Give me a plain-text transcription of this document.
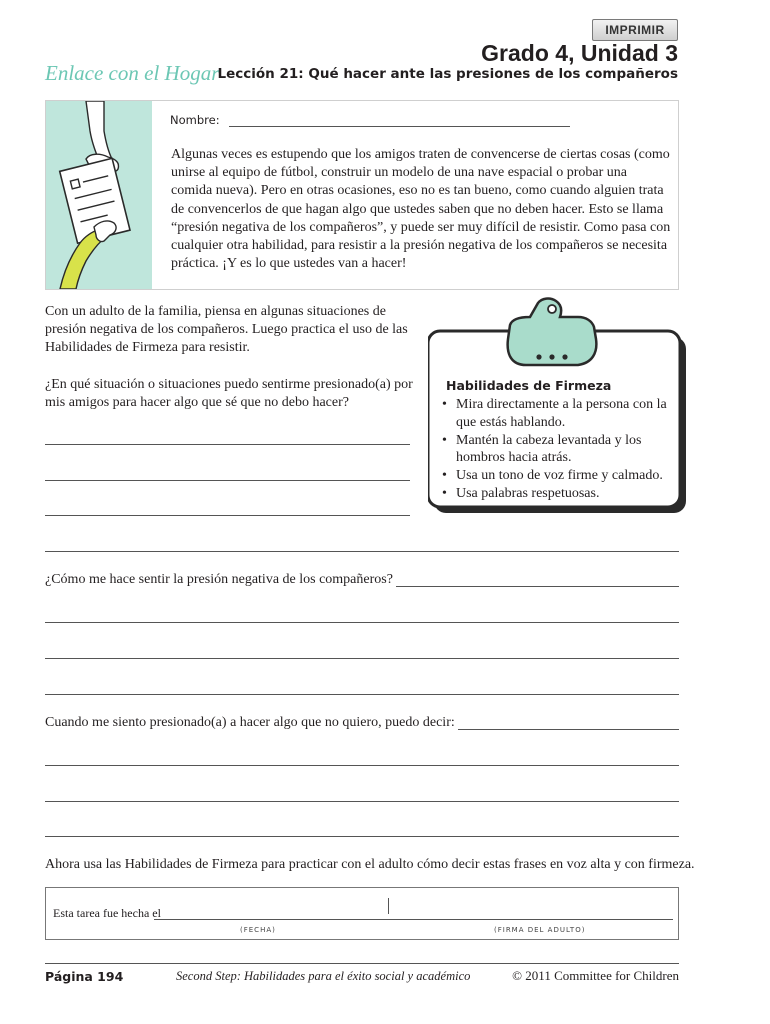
IMPRIMIR
Enlace con el Hogar
Grado 4, Unidad 3
Lección 21: Qué hacer ante las presiones de los compañeros
Nombre:
Algunas veces es estupendo que los amigos traten de convencerse de ciertas cosas (como unirse al equipo de fútbol, construir un modelo de una nave espacial o probar una comida nueva). Pero en otras ocasiones, eso no es tan bueno, como cuando alguien trata de convencerlos de que hagan algo que ustedes saben que no deben hacer. Esto se llama “presión negativa de los compañeros”, y puede ser muy difícil de resistir. Como pasa con cualquier otra habilidad, para resistir a la presión negativa de los compañeros se necesita práctica. ¡Y es lo que ustedes van a hacer!
Con un adulto de la familia, piensa en algunas situaciones de presión negativa de los compañeros. Luego practica el uso de las Habilidades de Firmeza para resistir.
¿En qué situación o situaciones puedo sentirme presionado(a) por mis amigos para hacer algo que sé que no debo hacer?
Habilidades de Firmeza
• Mira directamente a la persona con la que estás hablando.
• Mantén la cabeza levantada y los hombros hacia atrás.
• Usa un tono de voz firme y calmado.
• Usa palabras respetuosas.
¿Cómo me hace sentir la presión negativa de los compañeros?
Cuando me siento presionado(a) a hacer algo que no quiero, puedo decir:
Ahora usa las Habilidades de Firmeza para practicar con el adulto cómo decir estas frases en voz alta y con firmeza.
Esta tarea fue hecha el
(FECHA)	(FIRMA DEL ADULTO)
Página 194	Second Step: Habilidades para el éxito social y académico	© 2011 Committee for Children
